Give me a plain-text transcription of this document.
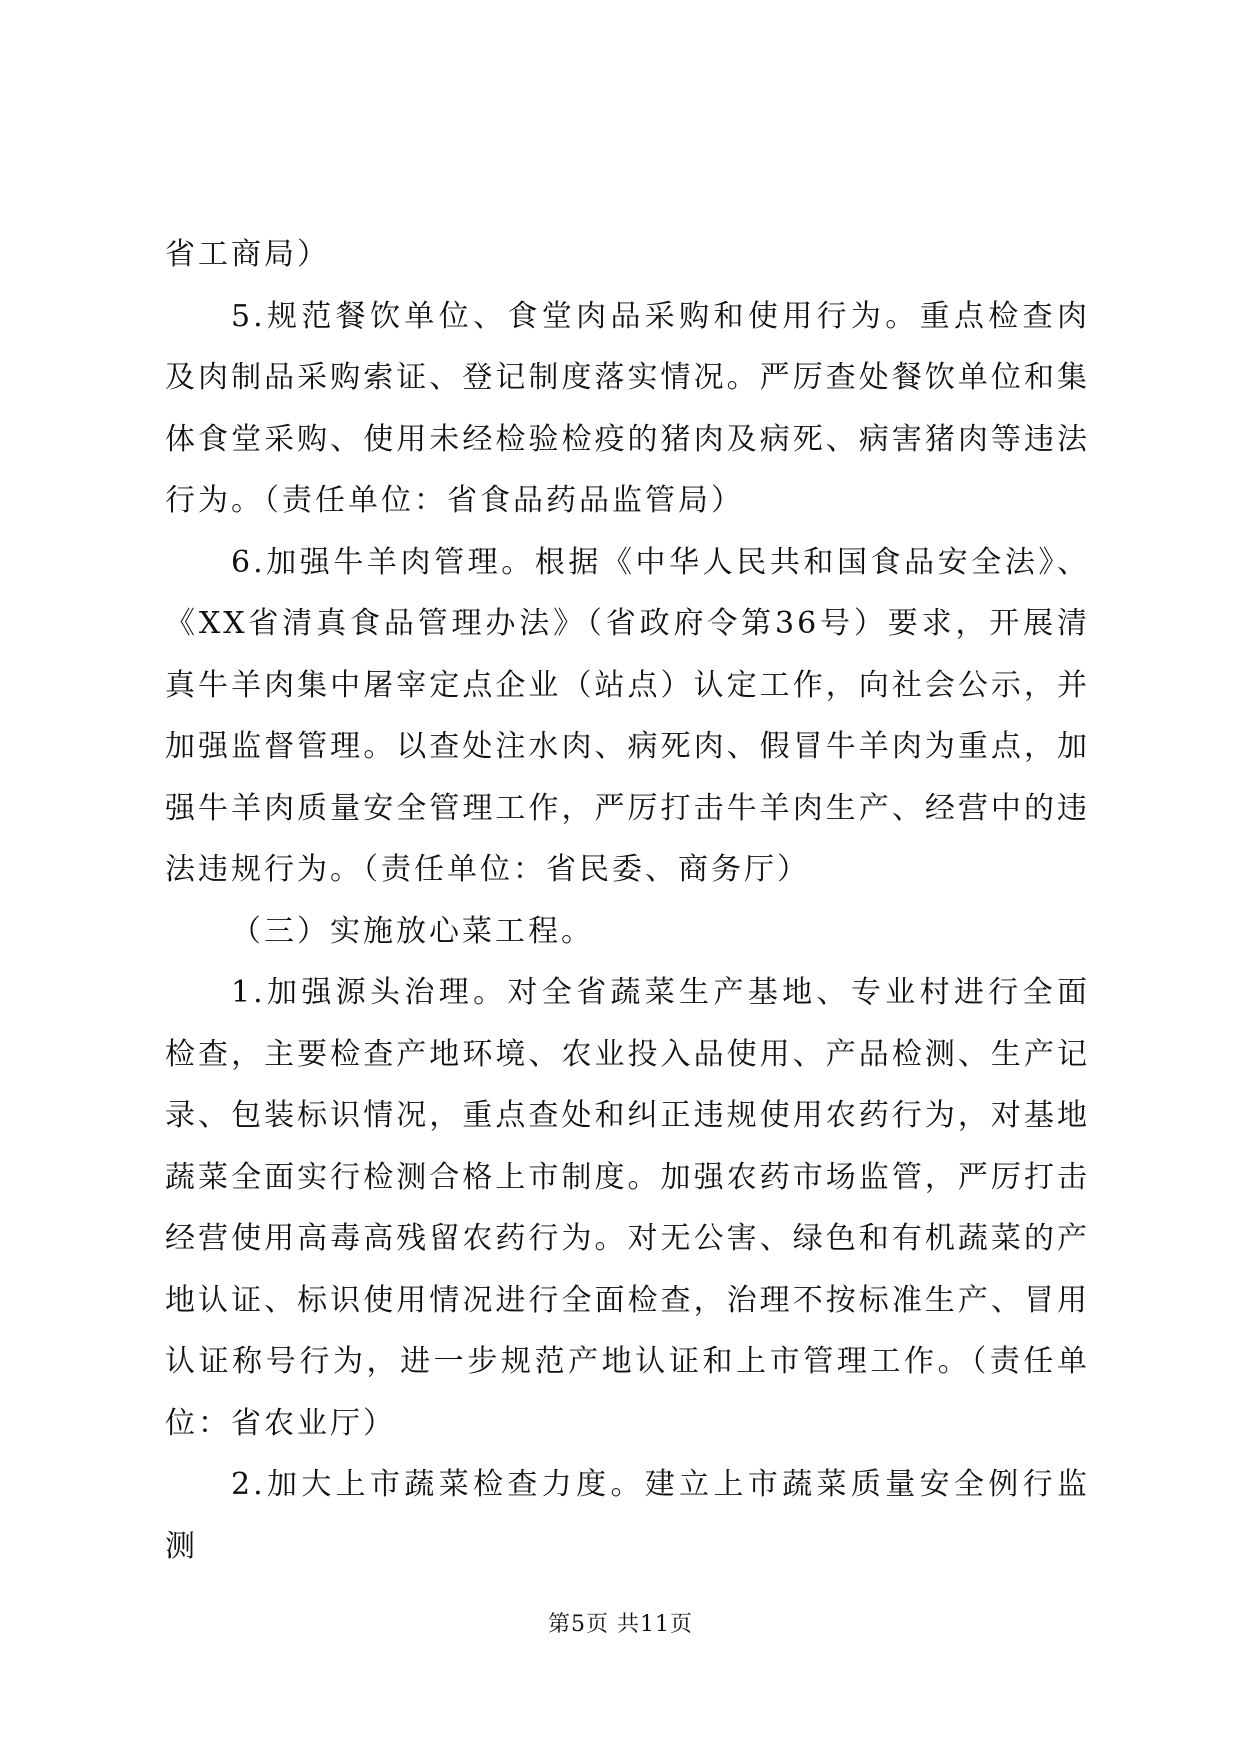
省工商局）

5.规范餐饮单位、食堂肉品采购和使用行为。重点检查肉及肉制品采购索证、登记制度落实情况。严厉查处餐饮单位和集体食堂采购、使用未经检验检疫的猪肉及病死、病害猪肉等违法行为。（责任单位：省食品药品监管局）

6.加强牛羊肉管理。根据《中华人民共和国食品安全法》、《XX省清真食品管理办法》（省政府令第36号）要求，开展清真牛羊肉集中屠宰定点企业（站点）认定工作，向社会公示，并加强监督管理。以查处注水肉、病死肉、假冒牛羊肉为重点，加强牛羊肉质量安全管理工作，严厉打击牛羊肉生产、经营中的违法违规行为。（责任单位：省民委、商务厅）

（三）实施放心菜工程。

1.加强源头治理。对全省蔬菜生产基地、专业村进行全面检查，主要检查产地环境、农业投入品使用、产品检测、生产记录、包装标识情况，重点查处和纠正违规使用农药行为，对基地蔬菜全面实行检测合格上市制度。加强农药市场监管，严厉打击经营使用高毒高残留农药行为。对无公害、绿色和有机蔬菜的产地认证、标识使用情况进行全面检查，治理不按标准生产、冒用认证称号行为，进一步规范产地认证和上市管理工作。（责任单位：省农业厅）

2.加大上市蔬菜检查力度。建立上市蔬菜质量安全例行监测

第5页 共11页
